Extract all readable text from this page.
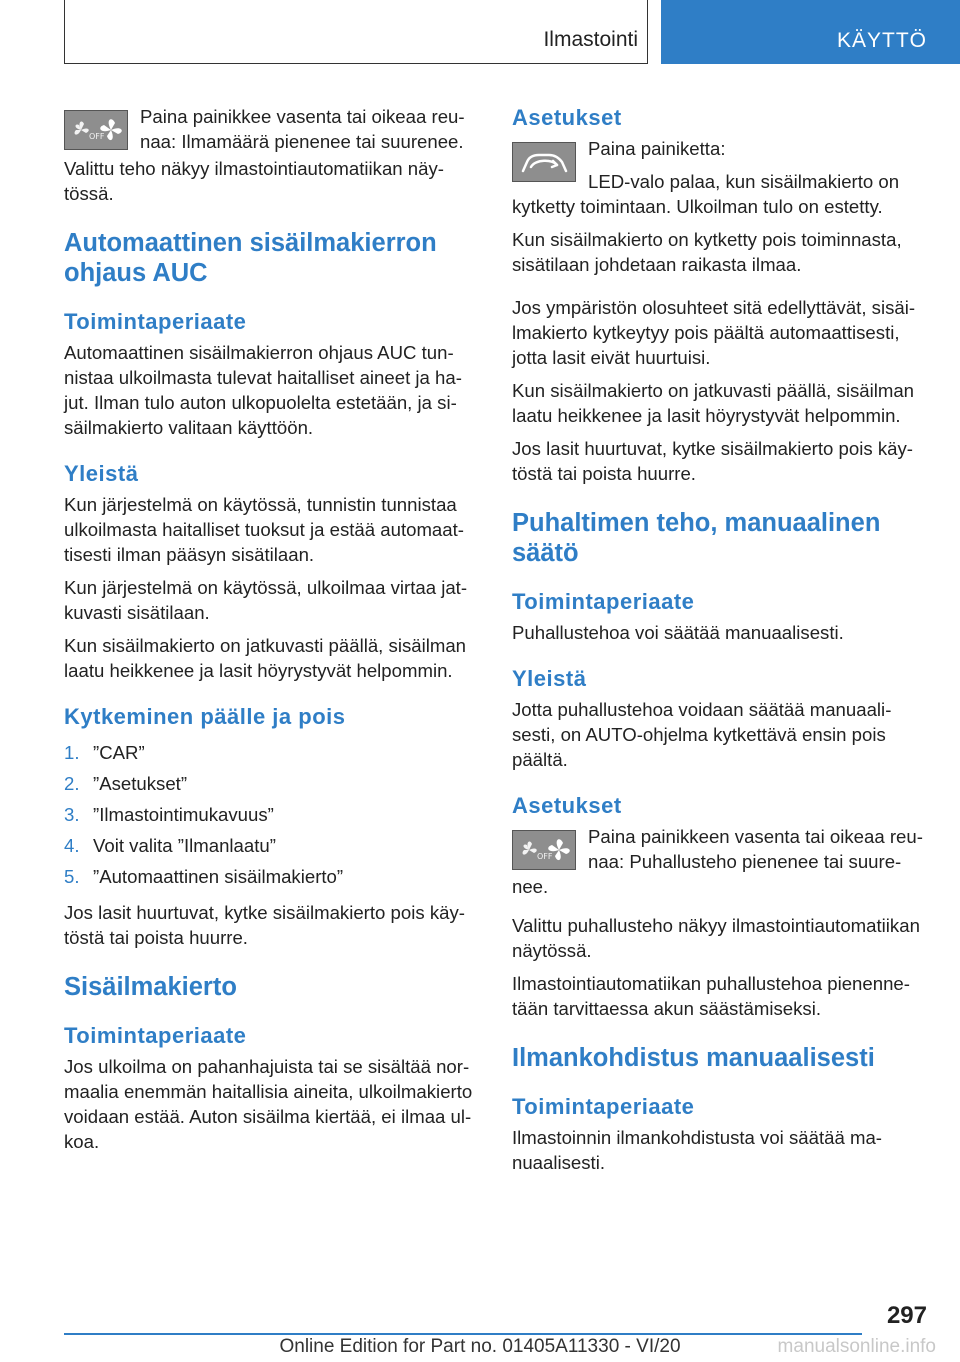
Ilmastointi	KÄYTTÖ
OFF

Paina painikkee vasenta tai oikeaa reunaa: Ilmamäärä pienenee tai suurenee.

Valittu teho näkyy ilmastointiautomatiikan näytössä.

Automaattinen sisäilmakierron ohjaus AUC
Toimintaperiaate

Automaattinen sisäilmakierron ohjaus AUC tunnistaa ulkoilmasta tulevat haitalliset aineet ja hajut. Ilman tulo auton ulkopuolelta estetään, ja sisäilmakierto valitaan käyttöön.

Yleistä

Kun järjestelmä on käytössä, tunnistin tunnistaa ulkoilmasta haitalliset tuoksut ja estää automaattisesti ilman pääsyn sisätilaan.

Kun järjestelmä on käytössä, ulkoilmaa virtaa jatkuvasti sisätilaan.

Kun sisäilmakierto on jatkuvasti päällä, sisäilman laatu heikkenee ja lasit höyrystyvät helpommin.

Kytkeminen päälle ja pois
1. ”CAR”
2. ”Asetukset”
3. ”Ilmastointimukavuus”
4. Voit valita ”Ilmanlaatu”
5. ”Automaattinen sisäilmakierto”

Jos lasit huurtuvat, kytke sisäilmakierto pois käytöstä tai poista huurre.

Sisäilmakierto
Toimintaperiaate

Jos ulkoilma on pahanhajuista tai se sisältää normaalia enemmän haitallisia aineita, ulkoilmakierto voidaan estää. Auton sisäilma kiertää, ei ilmaa ulkoa.

Asetukset

Paina painiketta:

LED-valo palaa, kun sisäilmakierto on kytketty toimintaan. Ulkoilman tulo on estetty.

Kun sisäilmakierto on kytketty pois toiminnasta, sisätilaan johdetaan raikasta ilmaa.

Jos ympäristön olosuhteet sitä edellyttävät, sisäilmakierto kytkeytyy pois päältä automaattisesti, jotta lasit eivät huurtuisi.

Kun sisäilmakierto on jatkuvasti päällä, sisäilman laatu heikkenee ja lasit höyrystyvät helpommin.

Jos lasit huurtuvat, kytke sisäilmakierto pois käytöstä tai poista huurre.

Puhaltimen teho, manuaalinen säätö
Toimintaperiaate

Puhallustehoa voi säätää manuaalisesti.

Yleistä

Jotta puhallustehoa voidaan säätää manuaalisesti, on AUTO-ohjelma kytkettävä ensin pois päältä.

Asetukset
OFF

Paina painikkeen vasenta tai oikeaa reunaa: Puhallusteho pienenee tai suurenee.

Valittu puhallusteho näkyy ilmastointiautomatiikan näytössä.

Ilmastointiautomatiikan puhallustehoa pienennetään tarvittaessa akun säästämiseksi.

Ilmankohdistus manuaalisesti
Toimintaperiaate

Ilmastoinnin ilmankohdistusta voi säätää manuaalisesti.

297
Online Edition for Part no. 01405A11330 - VI/20	manualsonline.info
